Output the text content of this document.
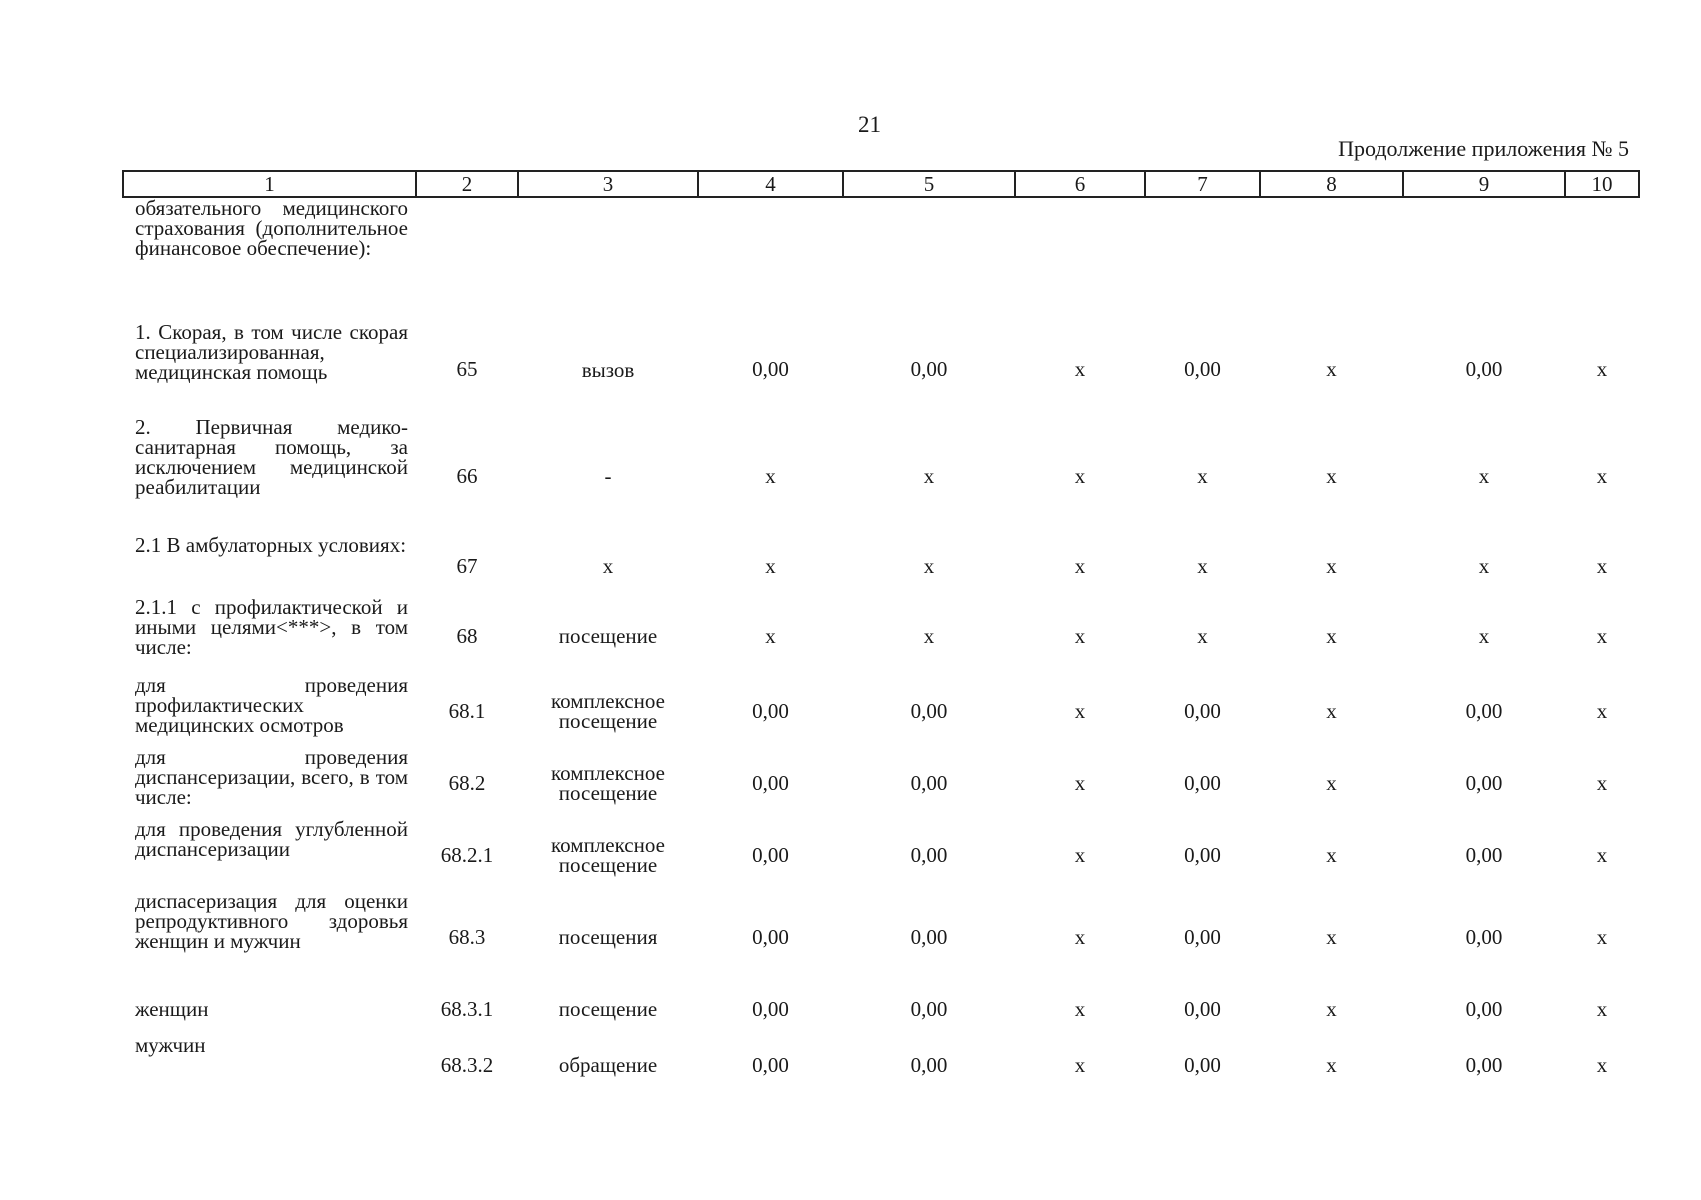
21
Продолжение приложения № 5
1	2	3	4	5	6	7	8	9	10
обязательного медицинского страхования (дополнительное финансовое обеспечение):									
1. Скорая, в том числе скорая специализированная, медицинская помощь	65	вызов	0,00	0,00	х	0,00	х	0,00	х
2. Первичная медико-санитарная помощь, за исключением медицинской реабилитации	66	-	х	х	х	х	х	х	х
2.1 В амбулаторных условиях:	67	х	х	х	х	х	х	х	х
2.1.1 с профилактической и иными целями<***>, в том числе:	68	посещение	х	х	х	х	х	х	х
для проведения профилактических медицинских осмотров	68.1	комплексное посещение	0,00	0,00	х	0,00	х	0,00	х
для проведения диспансеризации, всего, в том числе:	68.2	комплексное посещение	0,00	0,00	х	0,00	х	0,00	х
для проведения углубленной диспансеризации	68.2.1	комплексное посещение	0,00	0,00	х	0,00	х	0,00	х
диспасеризация для оценки репродуктивного здоровья женщин и мужчин	68.3	посещения	0,00	0,00	х	0,00	х	0,00	х
женщин	68.3.1	посещение	0,00	0,00	х	0,00	х	0,00	х
мужчин	68.3.2	обращение	0,00	0,00	х	0,00	х	0,00	х
